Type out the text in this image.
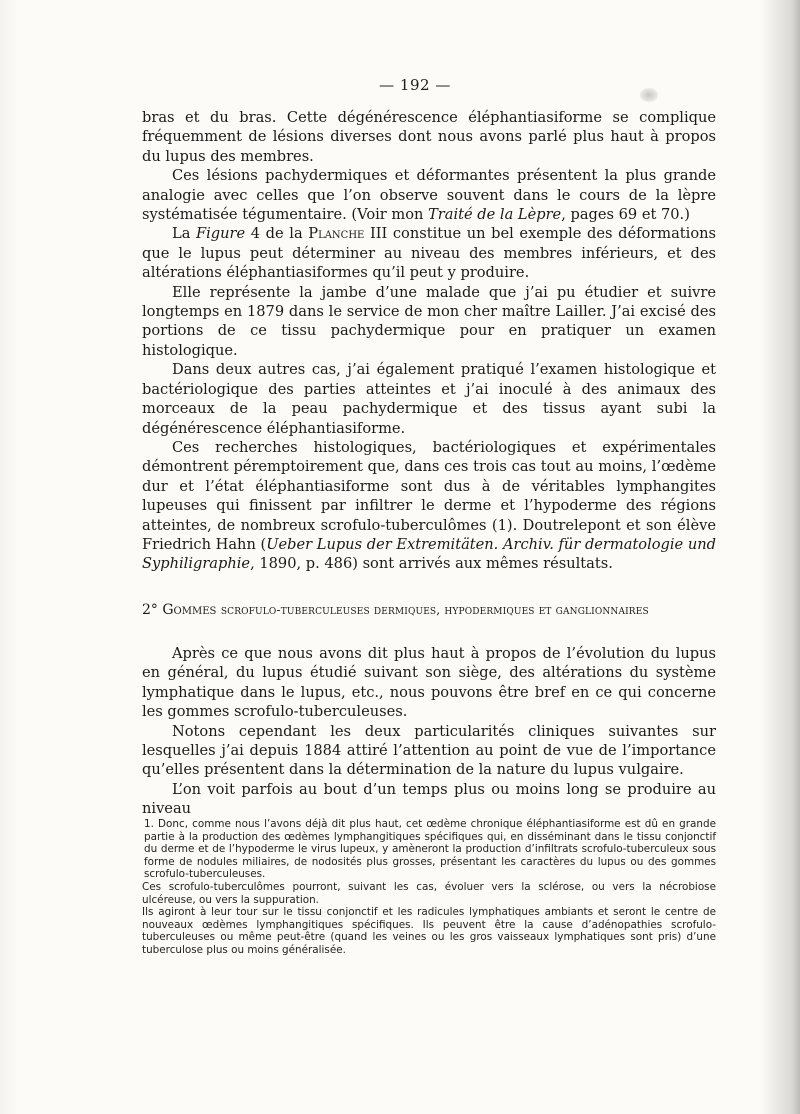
— 192 —

bras et du bras. Cette dégénérescence éléphantiasiforme se complique fréquemment de lésions diverses dont nous avons parlé plus haut à propos du lupus des membres.

Ces lésions pachydermiques et déformantes présentent la plus grande analogie avec celles que l’on observe souvent dans le cours de la lèpre systématisée tégumentaire. (Voir mon Traité de la Lèpre, pages 69 et 70.)

La Figure 4 de la Planche III constitue un bel exemple des déformations que le lupus peut déterminer au niveau des membres inférieurs, et des altérations éléphantiasiformes qu’il peut y produire.

Elle représente la jambe d’une malade que j’ai pu étudier et suivre longtemps en 1879 dans le service de mon cher maître Lailler. J’ai excisé des portions de ce tissu pachydermique pour en pratiquer un examen histologique.

Dans deux autres cas, j’ai également pratiqué l’examen histologique et bactériologique des parties atteintes et j’ai inoculé à des animaux des morceaux de la peau pachydermique et des tissus ayant subi la dégénérescence éléphantiasiforme.

Ces recherches histologiques, bactériologiques et expérimentales démontrent péremptoirement que, dans ces trois cas tout au moins, l’œdème dur et l’état éléphantiasiforme sont dus à de véritables lymphangites lupeuses qui finissent par infiltrer le derme et l’hypoderme des régions atteintes, de nombreux scrofulo-tuberculômes (1). Doutrelepont et son élève Friedrich Hahn (Ueber Lupus der Extremitäten. Archiv. für dermatologie und Syphiligraphie, 1890, p. 486) sont arrivés aux mêmes résultats.

2° Gommes scrofulo-tuberculeuses dermiques, hypodermiques et ganglionnaires

Après ce que nous avons dit plus haut à propos de l’évolution du lupus en général, du lupus étudié suivant son siège, des altérations du système lymphatique dans le lupus, etc., nous pouvons être bref en ce qui concerne les gommes scrofulo-tuberculeuses.

Notons cependant les deux particularités cliniques suivantes sur lesquelles j’ai depuis 1884 attiré l’attention au point de vue de l’importance qu’elles présentent dans la détermination de la nature du lupus vulgaire.

L’on voit parfois au bout d’un temps plus ou moins long se produire au niveau

1. Donc, comme nous l’avons déjà dit plus haut, cet œdème chronique éléphantiasiforme est dû en grande partie à la production des œdèmes lymphangitiques spécifiques qui, en disséminant dans le tissu conjonctif du derme et de l’hypoderme le virus lupeux, y amèneront la production d’infiltrats scrofulo-tuberculeux sous forme de nodules miliaires, de nodosités plus grosses, présentant les caractères du lupus ou des gommes scrofulo-tuberculeuses.

Ces scrofulo-tuberculômes pourront, suivant les cas, évoluer vers la sclérose, ou vers la nécrobiose ulcéreuse, ou vers la suppuration.

Ils agiront à leur tour sur le tissu conjonctif et les radicules lymphatiques ambiants et seront le centre de nouveaux œdèmes lymphangitiques spécifiques. Ils peuvent être la cause d’adénopathies scrofulo-tuberculeuses ou même peut-être (quand les veines ou les gros vaisseaux lymphatiques sont pris) d’une tuberculose plus ou moins généralisée.
